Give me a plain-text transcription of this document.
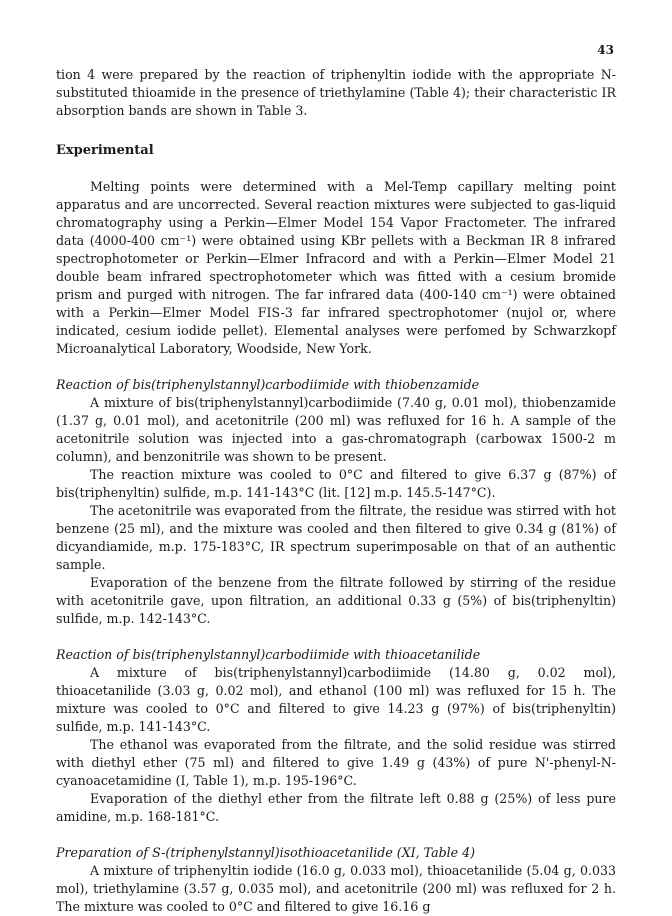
43

tion 4 were prepared by the reaction of triphenyltin iodide with the appropriate N-substituted thioamide in the presence of triethylamine (Table 4); their characteristic IR absorption bands are shown in Table 3.

Experimental

Melting points were determined with a Mel-Temp capillary melting point apparatus and are uncorrected. Several reaction mixtures were subjected to gas-liquid chromatography using a Perkin—Elmer Model 154 Vapor Fractometer. The infrared data (4000-400 cm⁻¹) were obtained using KBr pellets with a Beckman IR 8 infrared spectrophotometer or Perkin—Elmer Infracord and with a Perkin—Elmer Model 21 double beam infrared spectrophotometer which was fitted with a cesium bromide prism and purged with nitrogen. The far infrared data (400-140 cm⁻¹) were obtained with a Perkin—Elmer Model FIS-3 far infrared spectrophotomer (nujol or, where indicated, cesium iodide pellet). Elemental analyses were perfomed by Schwarzkopf Microanalytical Laboratory, Woodside, New York.

Reaction of bis(triphenylstannyl)carbodiimide with thiobenzamide

A mixture of bis(triphenylstannyl)carbodiimide (7.40 g, 0.01 mol), thiobenzamide (1.37 g, 0.01 mol), and acetonitrile (200 ml) was refluxed for 16 h. A sample of the acetonitrile solution was injected into a gas-chromatograph (carbowax 1500-2 m column), and benzonitrile was shown to be present.

The reaction mixture was cooled to 0°C and filtered to give 6.37 g (87%) of bis(triphenyltin) sulfide, m.p. 141-143°C (lit. [12] m.p. 145.5-147°C).

The acetonitrile was evaporated from the filtrate, the residue was stirred with hot benzene (25 ml), and the mixture was cooled and then filtered to give 0.34 g (81%) of dicyandiamide, m.p. 175-183°C, IR spectrum superimposable on that of an authentic sample.

Evaporation of the benzene from the filtrate followed by stirring of the residue with acetonitrile gave, upon filtration, an additional 0.33 g (5%) of bis(triphenyltin) sulfide, m.p. 142-143°C.

Reaction of bis(triphenylstannyl)carbodiimide with thioacetanilide

A mixture of bis(triphenylstannyl)carbodiimide (14.80 g, 0.02 mol), thioacetanilide (3.03 g, 0.02 mol), and ethanol (100 ml) was refluxed for 15 h. The mixture was cooled to 0°C and filtered to give 14.23 g (97%) of bis(triphenyltin) sulfide, m.p. 141-143°C.

The ethanol was evaporated from the filtrate, and the solid residue was stirred with diethyl ether (75 ml) and filtered to give 1.49 g (43%) of pure N'-phenyl-N-cyanoacetamidine (I, Table 1), m.p. 195-196°C.

Evaporation of the diethyl ether from the filtrate left 0.88 g (25%) of less pure amidine, m.p. 168-181°C.

Preparation of S-(triphenylstannyl)isothioacetanilide (XI, Table 4)

A mixture of triphenyltin iodide (16.0 g, 0.033 mol), thioacetanilide (5.04 g, 0.033 mol), triethylamine (3.57 g, 0.035 mol), and acetonitrile (200 ml) was refluxed for 2 h. The mixture was cooled to 0°C and filtered to give 16.16 g
